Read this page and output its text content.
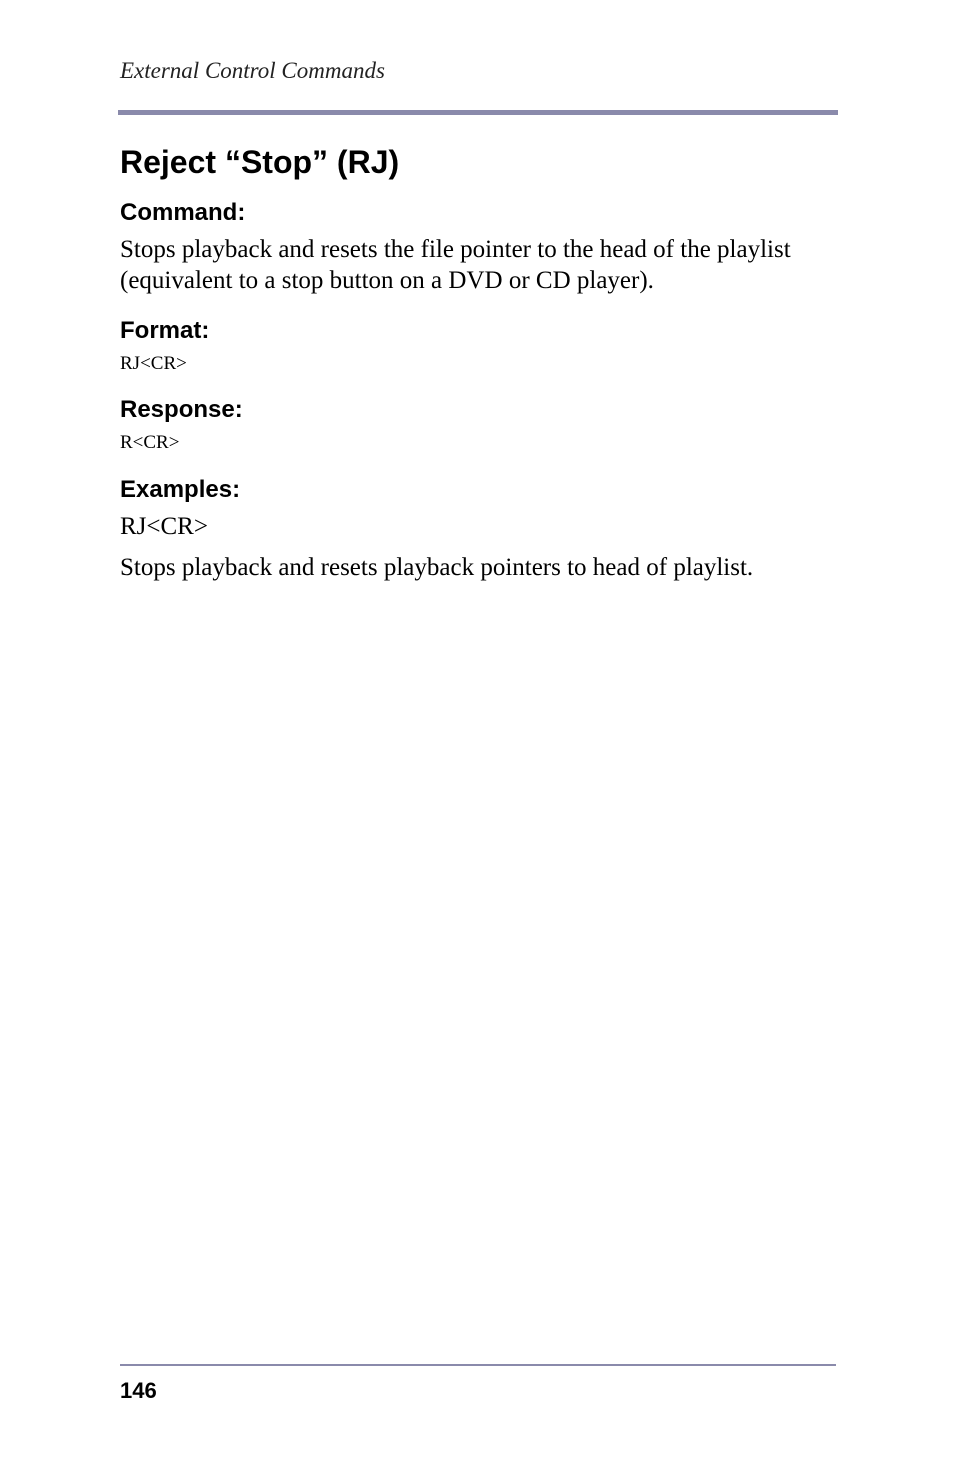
External Control Commands
Reject “Stop” (RJ)
Command:

Stops playback and resets the file pointer to the head of the playlist

(equivalent to a stop button on a DVD or CD player).

Format:

RJ<CR>

Response:

R<CR>

Examples:

RJ<CR>

Stops playback and resets playback pointers to head of playlist.

146
